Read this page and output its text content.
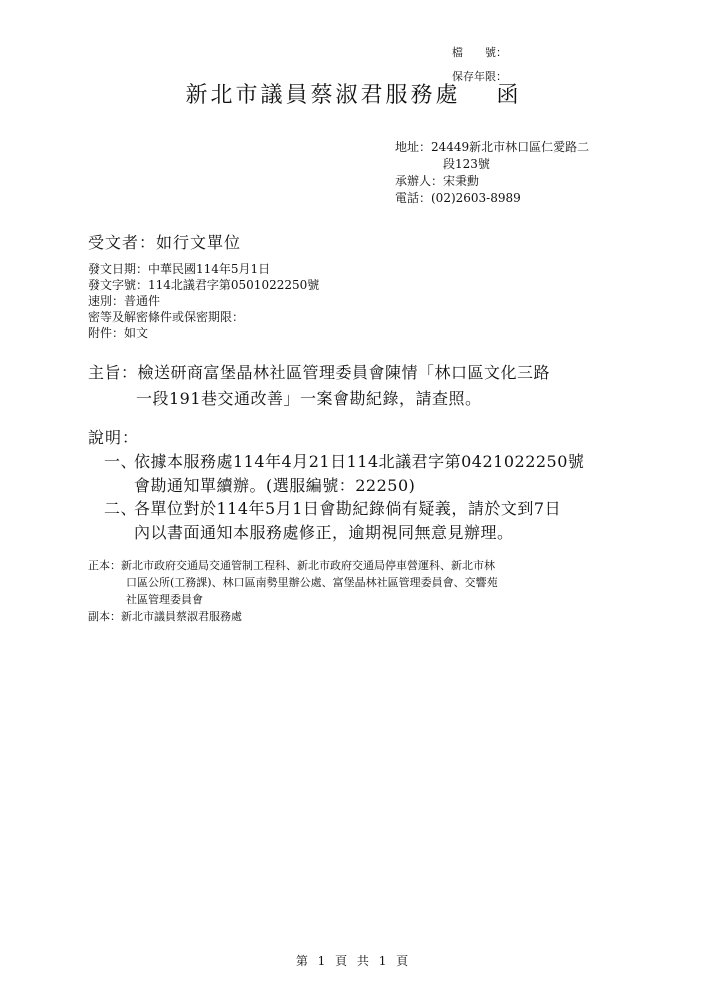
檔　　號：
保存年限：
新北市議員蔡淑君服務處 函
地址：24449新北市林口區仁愛路二
段123號
承辦人：宋秉勳
電話：(02)2603-8989
受文者：如行文單位
發文日期：中華民國114年5月1日
發文字號：114北議君字第0501022250號
速別：普通件
密等及解密條件或保密期限：
附件：如文
主旨：檢送研商富堡晶林社區管理委員會陳情「林口區文化三路
一段191巷交通改善」一案會勘紀錄，請查照。
說明：
一、依據本服務處114年4月21日114北議君字第0421022250號
會勘通知單續辦。(選服編號：22250)
二、各單位對於114年5月1日會勘紀錄倘有疑義，請於文到7日
內以書面通知本服務處修正，逾期視同無意見辦理。
正本：新北市政府交通局交通管制工程科、新北市政府交通局停車營運科、新北市林
口區公所(工務課)、林口區南勢里辦公處、富堡晶林社區管理委員會、交響苑
社區管理委員會
副本：新北市議員蔡淑君服務處
第 1 頁 共 1 頁
